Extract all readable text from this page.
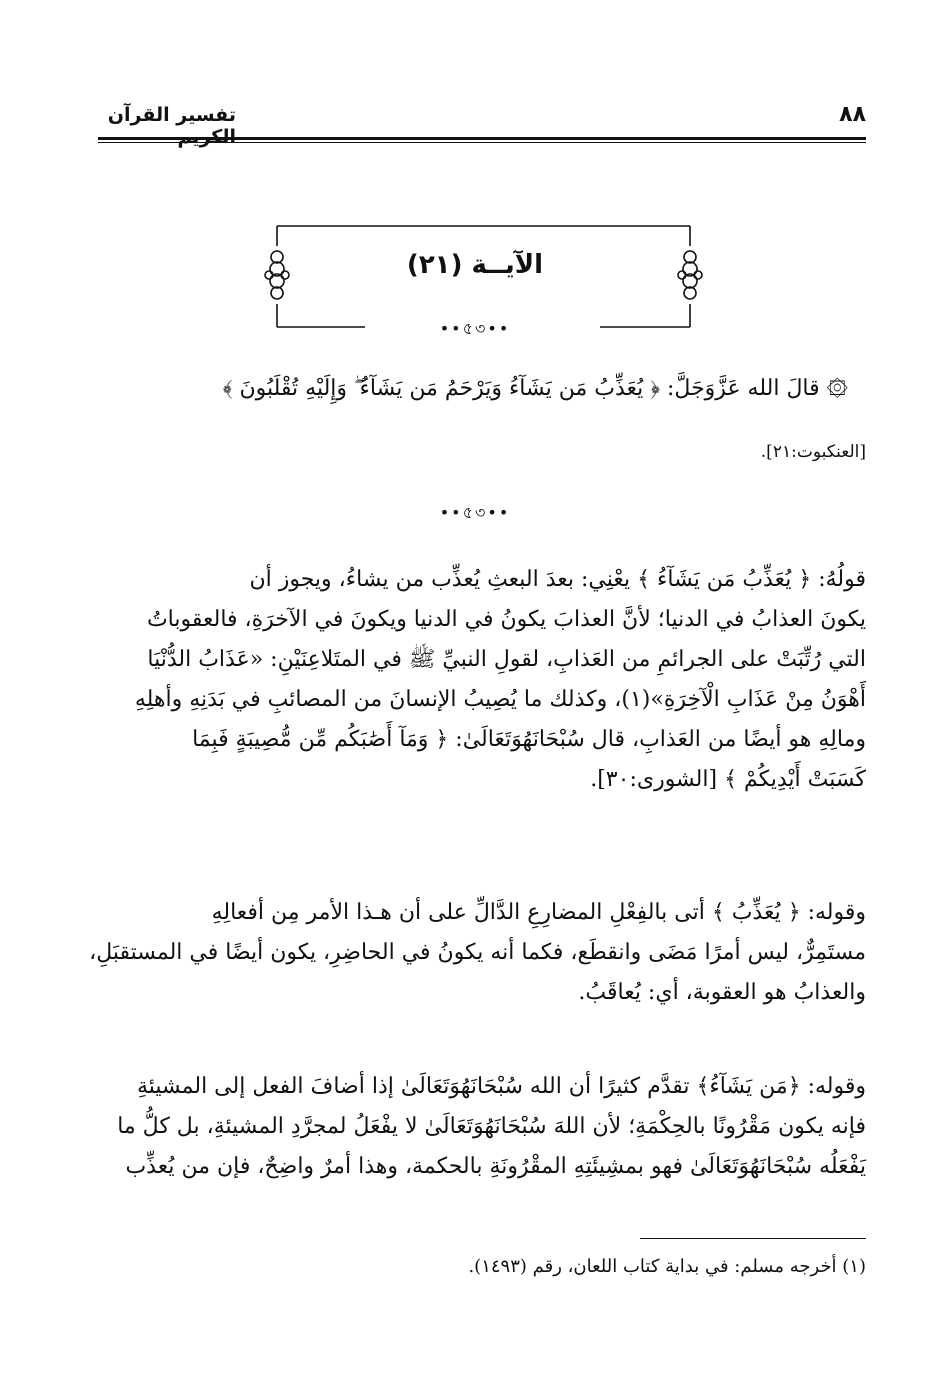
تفسير القرآن الكريم
٨٨
الآيــة (٢١)
••৫৩••
۞ قالَ الله عَزَّوَجَلَّ: ﴿ يُعَذِّبُ مَن يَشَآءُ وَيَرْحَمُ مَن يَشَآءُ ۖ وَإِلَيْهِ تُقْلَبُونَ ﴾
[العنكبوت:٢١].
••৫৩••
قولُهُ: ﴿ يُعَذِّبُ مَن يَشَآءُ ﴾ يعْنِي: بعدَ البعثِ يُعذِّب من يشاءُ، ويجوز أن
يكونَ العذابُ في الدنيا؛ لأنَّ العذابَ يكونُ في الدنيا ويكونَ في الآخرَةِ، فالعقوباتُ
التي رُتِّبَتْ على الجرائمِ من العَذابِ، لقولِ النبيِّ ﷺ في المتَلاعِنَيْنِ: «عَذَابُ الدُّنْيَا
أَهْوَنُ مِنْ عَذَابِ الْآخِرَةِ»(١)، وكذلك ما يُصِيبُ الإنسانَ من المصائبِ في بَدَنِهِ وأهلِهِ
ومالِهِ هو أيضًا من العَذابِ، قال سُبْحَانَهُوَتَعَالَىٰ: ﴿ وَمَآ أَصَٰبَكُم مِّن مُّصِيبَةٍ فَبِمَا
كَسَبَتْ أَيْدِيكُمْ ﴾ [الشورى:٣٠].
وقوله: ﴿ يُعَذِّبُ ﴾ أتى بالفِعْلِ المضارِعِ الدَّالِّ على أن هـذا الأمر مِن أفعالِهِ
مستَمِرٌّ، ليس أمرًا مَضَى وانقطَع، فكما أنه يكونُ في الحاضِرِ، يكون أيضًا في المستقبَلِ،
والعذابُ هو العقوبة، أي: يُعاقَبُ.
وقوله: ﴿مَن يَشَآءُ﴾ تقدَّم كثيرًا أن الله سُبْحَانَهُوَتَعَالَىٰ إذا أضافَ الفعل إلى المشيئةِ
فإنه يكون مَقْرُونًا بالحِكْمَةِ؛ لأن اللهَ سُبْحَانَهُوَتَعَالَىٰ لا يفْعَلُ لمجرَّدِ المشيئةِ، بل كلُّ ما
يَفْعَلُه سُبْحَانَهُوَتَعَالَىٰ فهو بمشِيئَتِهِ المقْرُونَةِ بالحكمة، وهذا أمرٌ واضِحٌ، فإن من يُعذِّب
(١) أخرجه مسلم: في بداية كتاب اللعان، رقم (١٤٩٣).
